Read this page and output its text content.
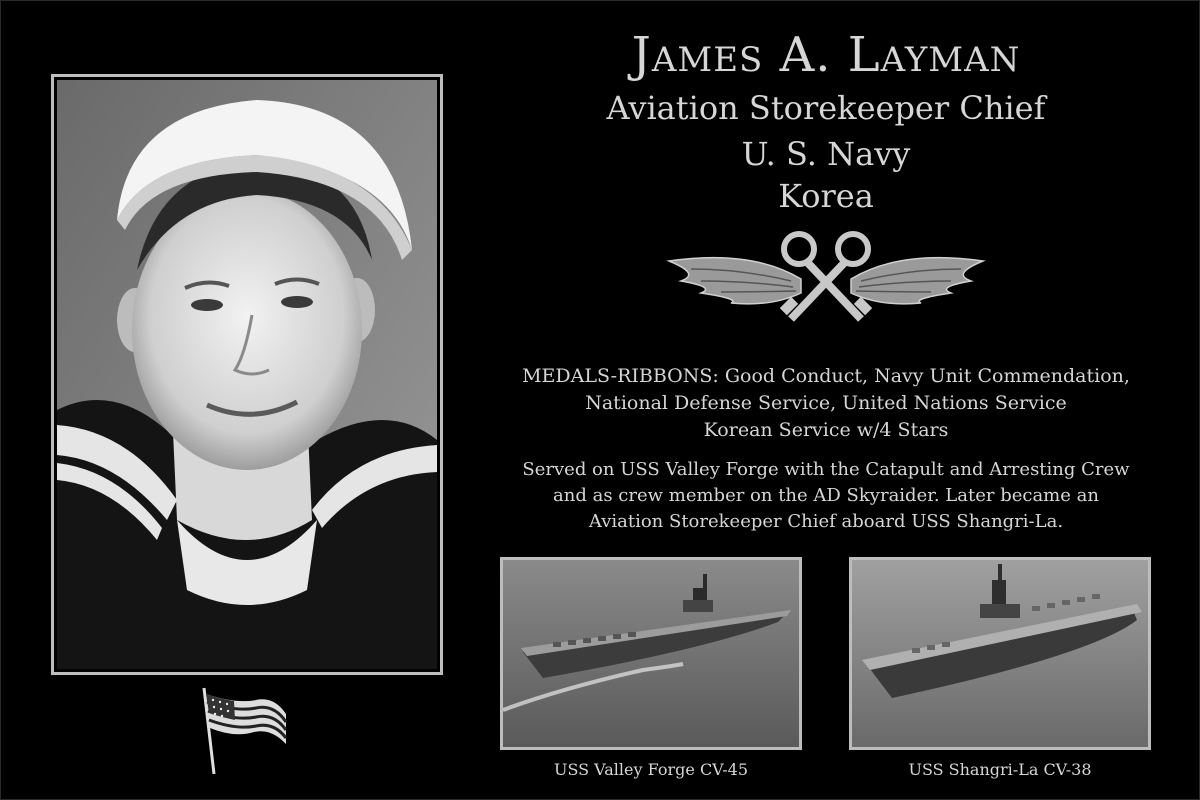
James A. Layman
Aviation Storekeeper Chief
U. S. Navy
Korea
MEDALS-RIBBONS: Good Conduct, Navy Unit Commendation,
National Defense Service, United Nations Service
Korean Service w/4 Stars
Served on USS Valley Forge with the Catapult and Arresting Crew
and as crew member on the AD Skyraider. Later became an
Aviation Storekeeper Chief aboard USS Shangri-La.
USS Valley Forge CV-45	USS Shangri-La CV-38
